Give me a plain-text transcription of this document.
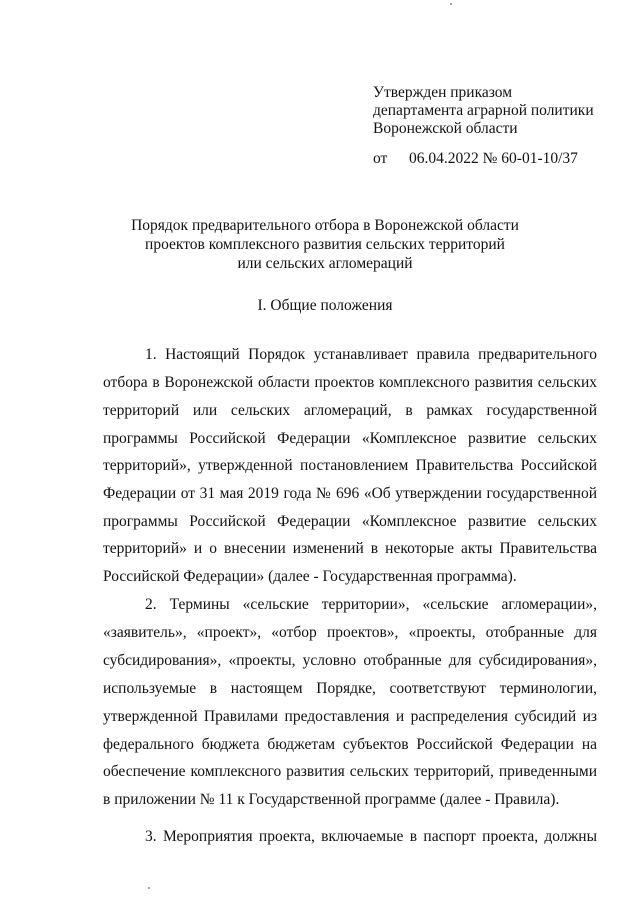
Утвержден приказом
департамента аграрной политики
Воронежской области
от 06.04.2022 № 60-01-10/37
Порядок предварительного отбора в Воронежской области
проектов комплексного развития сельских территорий
или сельских агломераций
I. Общие положения
1. Настоящий Порядок устанавливает правила предварительного
отбора в Воронежской области проектов комплексного развития сельских
территорий или сельских агломераций, в рамках государственной
программы Российской Федерации «Комплексное развитие сельских
территорий», утвержденной постановлением Правительства Российской
Федерации от 31 мая 2019 года № 696 «Об утверждении государственной
программы Российской Федерации «Комплексное развитие сельских
территорий» и о внесении изменений в некоторые акты Правительства
Российской Федерации» (далее - Государственная программа).
2. Термины «сельские территории», «сельские агломерации»,
«заявитель», «проект», «отбор проектов», «проекты, отобранные для
субсидирования», «проекты, условно отобранные для субсидирования»,
используемые в настоящем Порядке, соответствуют терминологии,
утвержденной Правилами предоставления и распределения субсидий из
федерального бюджета бюджетам субъектов Российской Федерации на
обеспечение комплексного развития сельских территорий, приведенными
в приложении № 11 к Государственной программе (далее - Правила).
3. Мероприятия проекта, включаемые в паспорт проекта, должны
